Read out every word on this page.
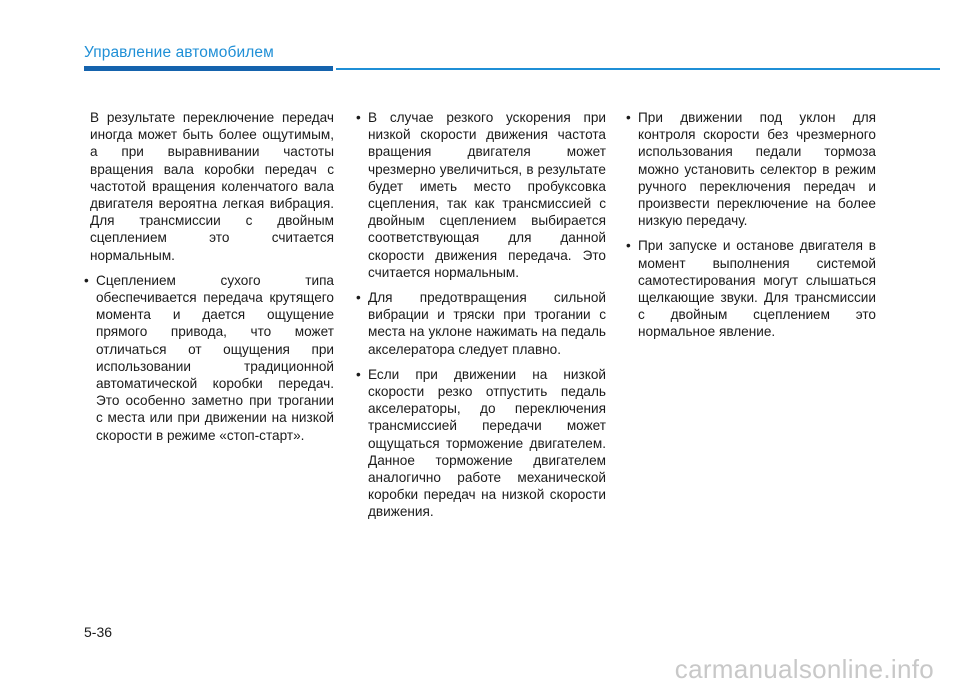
Управление автомобилем

В результате переключение передач иногда может быть более ощутимым, а при выравнивании частоты вращения вала коробки передач с частотой вращения коленчатого вала двигателя вероятна легкая вибрация. Для трансмиссии с двойным сцеплением это считается нормальным.

• Сцеплением сухого типа обеспечивается передача крутящего момента и дается ощущение прямого привода, что может отличаться от ощущения при использовании традиционной автоматической коробки передач. Это особенно заметно при трогании с места или при движении на низкой скорости в режиме «стоп-старт».
• В случае резкого ускорения при низкой скорости движения частота вращения двигателя может чрезмерно увеличиться, в результате будет иметь место пробуксовка сцепления, так как трансмиссией с двойным сцеплением выбирается соответствующая для данной скорости движения передача. Это считается нормальным.
• Для предотвращения сильной вибрации и тряски при трогании с места на уклоне нажимать на педаль акселератора следует плавно.
• Если при движении на низкой скорости резко отпустить педаль акселераторы, до переключения трансмиссией передачи может ощущаться торможение двигателем. Данное торможение двигателем аналогично работе механической коробки передач на низкой скорости движения.
• При движении под уклон для контроля скорости без чрезмерного использования педали тормоза можно установить селектор в режим ручного переключения передач и произвести переключение на более низкую передачу.
• При запуске и останове двигателя в момент выполнения системой самотестирования могут слышаться щелкающие звуки. Для трансмиссии с двойным сцеплением это нормальное явление.
5-36
carmanualsonline.info
